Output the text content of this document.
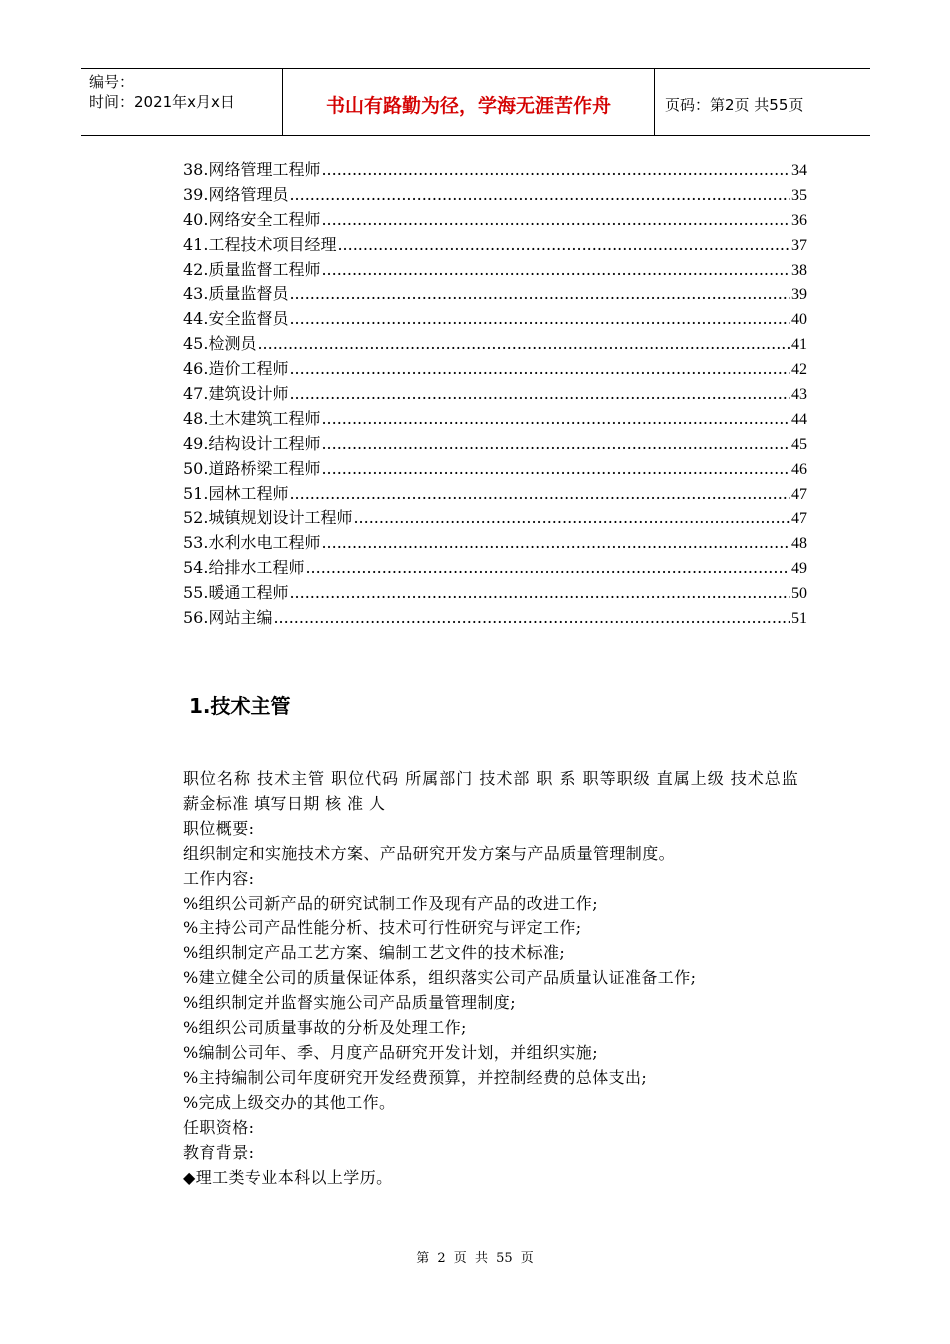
编号：
时间：2021年x月x日	书山有路勤为径，学海无涯苦作舟	页码：第2页 共55页
38.网络管理工程师 .....	34
39.网络管理员 .....	35
40.网络安全工程师 .....	36
41.工程技术项目经理 .....	37
42.质量监督工程师 .....	38
43.质量监督员 .....	39
44.安全监督员 .....	40
45.检测员 .....	41
46.造价工程师 .....	42
47.建筑设计师 .....	43
48.土木建筑工程师 .....	44
49.结构设计工程师 .....	45
50.道路桥梁工程师 .....	46
51.园林工程师 .....	47
52.城镇规划设计工程师 .....	47
53.水利水电工程师 .....	48
54.给排水工程师 .....	49
55.暖通工程师 .....	50
56.网站主编 .....	51
1.技术主管
职位名称 技术主管 职位代码 所属部门 技术部 职 系 职等职级 直属上级 技术总监
薪金标准 填写日期 核 准 人
职位概要:
组织制定和实施技术方案、产品研究开发方案与产品质量管理制度。
工作内容:
%组织公司新产品的研究试制工作及现有产品的改进工作;
%主持公司产品性能分析、技术可行性研究与评定工作;
%组织制定产品工艺方案、编制工艺文件的技术标准;
%建立健全公司的质量保证体系，组织落实公司产品质量认证准备工作;
%组织制定并监督实施公司产品质量管理制度;
%组织公司质量事故的分析及处理工作;
%编制公司年、季、月度产品研究开发计划，并组织实施;
%主持编制公司年度研究开发经费预算，并控制经费的总体支出;
%完成上级交办的其他工作。
任职资格:
教育背景:
◆理工类专业本科以上学历。
第 2 页 共 55 页
